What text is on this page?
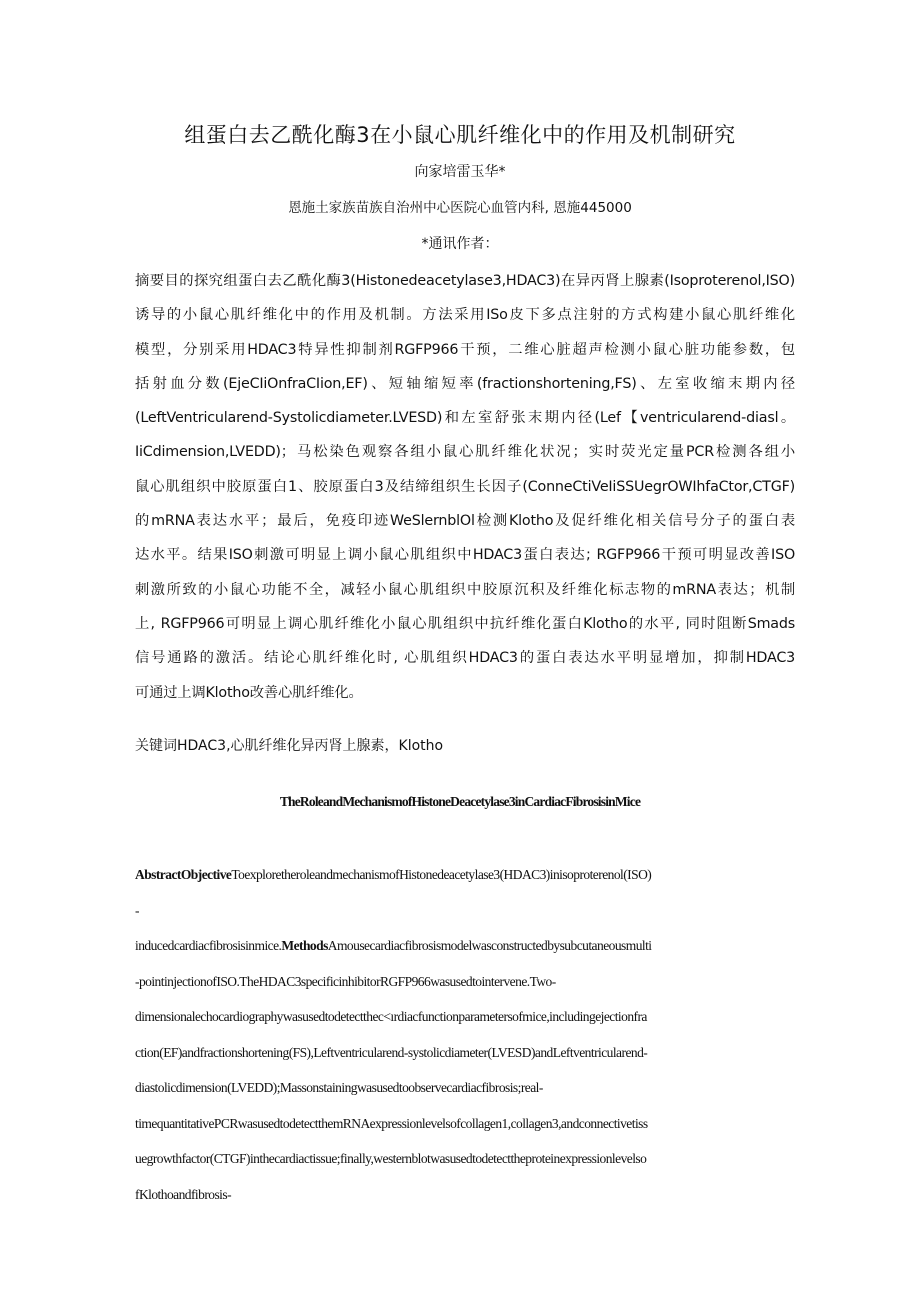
组蛋白去乙酰化酶3在小鼠心肌纤维化中的作用及机制研究
向家培雷玉华*
恩施土家族苗族自治州中心医院心血管内科, 恩施445000
*通讯作者：
摘要目的探究组蛋白去乙酰化酶3(Histonedeacetylase3,HDAC3)在异丙肾上腺素(Isoproterenol,ISO)
诱导的小鼠心肌纤维化中的作用及机制。方法采用ISo皮下多点注射的方式构建小鼠心肌纤维化
模型，分别采用HDAC3特异性抑制剂RGFP966干预，二维心脏超声检测小鼠心脏功能参数，包
括射血分数(EjeCIiOnfraCIion,EF)、短轴缩短率(fractionshortening,FS)、左室收缩末期内径
(LeftVentricularend-Systolicdiameter.LVESD)和左室舒张末期内径(Lef【ventricularend-diasl。
IiCdimension,LVEDD)；马松染色观察各组小鼠心肌纤维化状况；实时荧光定量PCR检测各组小
鼠心肌组织中胶原蛋白1、胶原蛋白3及结缔组织生长因子(ConneCtiVeIiSSUegrOWIhfaCtor,CTGF)
的mRNA表达水平；最后，免疫印迹WeSlernblOl检测Klotho及促纤维化相关信号分子的蛋白表
达水平。结果ISO刺激可明显上调小鼠心肌组织中HDAC3蛋白表达; RGFP966干预可明显改善ISO
刺激所致的小鼠心功能不全，减轻小鼠心肌组织中胶原沉积及纤维化标志物的mRNA表达；机制
上, RGFP966可明显上调心肌纤维化小鼠心肌组织中抗纤维化蛋白Klotho的水平, 同时阻断Smads
信号通路的激活。结论心肌纤维化时, 心肌组织HDAC3的蛋白表达水平明显增加，抑制HDAC3
可通过上调Klotho改善心肌纤维化。
关键词HDAC3,心肌纤维化异丙肾上腺素，Klotho
TheRoleandMechanismofHistoneDeacetylase3inCardiacFibrosisinMice
AbstractObjectiveToexploretheroleandmechanismofHistonedeacetylase3(HDAC3)inisoproterenol(ISO)
-
inducedcardiacfibrosisinmice.MethodsAmousecardiacfibrosismodelwasconstructedbysubcutaneousmulti
-pointinjectionofISO.TheHDAC3specificinhibitorRGFP966wasusedtointervene.Two-
dimensionalechocardiographywasusedtodetectthec<ırdiacfunctionparametersofmice,includingejectionfra
ction(EF)andfractionshortening(FS),Leftventricularend-systolicdiameter(LVESD)andLeftventricularend-
diastolicdimension(LVEDD);Massonstainingwasusedtoobservecardiacfibrosis;real-
timequantitativePCRwasusedtodetectthemRNAexpressionlevelsofcollagen1,collagen3,andconnectivetiss
uegrowthfactor(CTGF)inthecardiactissue;finally,westernblotwasusedtodetecttheproteinexpressionlevelso
fKlothoandfibrosis-
